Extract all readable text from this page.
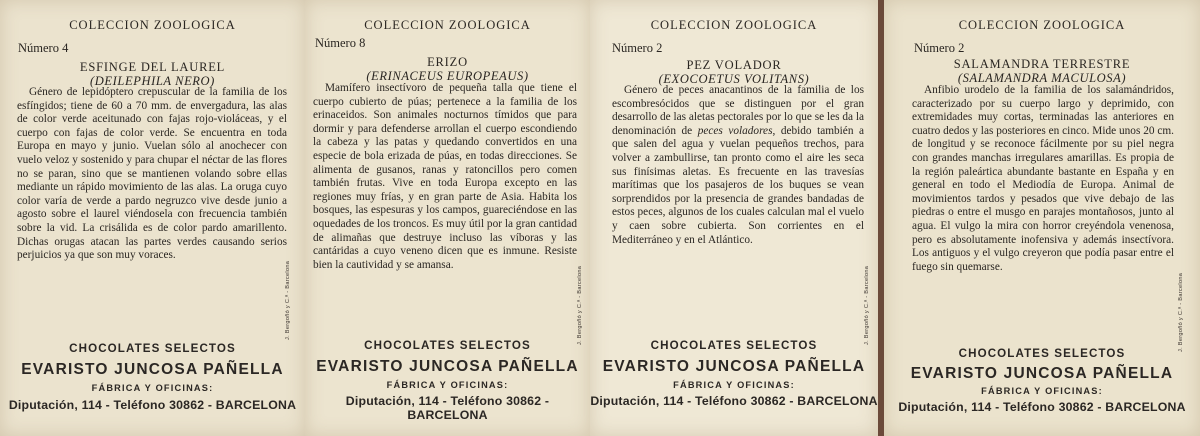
COLECCION ZOOLOGICA
Número 4
ESFINGE DEL LAUREL
(DEILEPHILA NERO)
Género de lepidóptero crepuscular de la familia de los esfíngidos; tiene de 60 a 70 mm. de envergadura, las alas de color verde aceitunado con fajas rojo-violáceas, y el cuerpo con fajas de color verde. Se encuentra en toda Europa en mayo y junio. Vuelan sólo al anochecer con vuelo veloz y sostenido y para chupar el néctar de las flores no se paran, sino que se mantienen volando sobre ellas mediante un rápido movimiento de las alas. La oruga cuyo color varía de verde a pardo negruzco vive desde junio a agosto sobre el laurel viéndosela con frecuencia también sobre la vid. La crisálida es de color pardo amarillento. Dichas orugas atacan las partes verdes causando serios perjuicios ya que son muy voraces.
J. Bergoñó y C.ª - Barcelona
CHOCOLATES SELECTOS
EVARISTO JUNCOSA PAÑELLA
FÁBRICA Y OFICINAS:
Diputación, 114 - Teléfono 30862 - BARCELONA
COLECCION ZOOLOGICA
Número 8
ERIZO
(ERINACEUS EUROPEAUS)
Mamífero insectívoro de pequeña talla que tiene el cuerpo cubierto de púas; pertenece a la familia de los erinaceidos. Son animales nocturnos tímidos que para dormir y para defenderse arrollan el cuerpo escondiendo la cabeza y las patas y quedando convertidos en una especie de bola erizada de púas, en todas direcciones. Se alimenta de gusanos, ranas y ratoncillos pero comen también frutas. Vive en toda Europa excepto en las regiones muy frías, y en gran parte de Asia. Habita los bosques, las espesuras y los campos, guareciéndose en las oquedades de los troncos. Es muy útil por la gran cantidad de alimañas que destruye incluso las víboras y las cantáridas a cuyo veneno dicen que es inmune. Resiste bien la cautividad y se amansa.
J. Bergoñó y C.ª - Barcelona
CHOCOLATES SELECTOS
EVARISTO JUNCOSA PAÑELLA
FÁBRICA Y OFICINAS:
Diputación, 114 - Teléfono 30862 - BARCELONA
COLECCION ZOOLOGICA
Número 2
PEZ VOLADOR
(EXOCOETUS VOLITANS)
Género de peces anacantinos de la familia de los escombresócidos que se distinguen por el gran desarrollo de las aletas pectorales por lo que se les da la denominación de peces voladores, debido también a que salen del agua y vuelan pequeños trechos, para volver a zambullirse, tan pronto como el aire les seca sus finísimas aletas. Es frecuente en las travesías marítimas que los pasajeros de los buques se vean sorprendidos por la presencia de grandes bandadas de estos peces, algunos de los cuales calculan mal el vuelo y caen sobre cubierta. Son corrientes en el Mediterráneo y en el Atlántico.
J. Bergoñó y C.ª - Barcelona
CHOCOLATES SELECTOS
EVARISTO JUNCOSA PAÑELLA
FÁBRICA Y OFICINAS:
Diputación, 114 - Teléfono 30862 - BARCELONA
COLECCION ZOOLOGICA
Número 2
SALAMANDRA TERRESTRE
(SALAMANDRA MACULOSA)
Anfibio urodelo de la familia de los salamándridos, caracterizado por su cuerpo largo y deprimido, con extremidades muy cortas, terminadas las anteriores en cuatro dedos y las posteriores en cinco. Mide unos 20 cm. de longitud y se reconoce fácilmente por su piel negra con grandes manchas irregulares amarillas. Es propia de la región paleártica abundante bastante en España y en general en todo el Mediodía de Europa. Animal de movimientos tardos y pesados que vive debajo de las piedras o entre el musgo en parajes montañosos, junto al agua. El vulgo la mira con horror creyéndola venenosa, pero es absolutamente inofensiva y además insectívora. Los antiguos y el vulgo creyeron que podía pasar entre el fuego sin quemarse.
J. Bergoñó y C.ª - Barcelona
CHOCOLATES SELECTOS
EVARISTO JUNCOSA PAÑELLA
FÁBRICA Y OFICINAS:
Diputación, 114 - Teléfono 30862 - BARCELONA
